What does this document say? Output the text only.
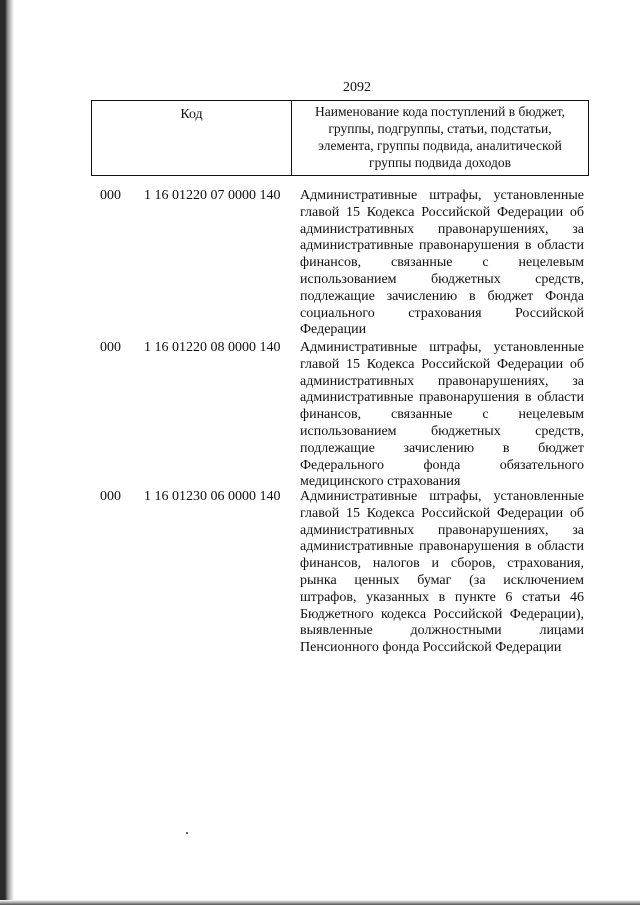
2092
Код	Наименование кода поступлений в бюджет, группы, подгруппы, статьи, подстатьи, элемента, группы подвида, аналитической группы подвида доходов
000	1 16 01220 07 0000 140	Административные штрафы, установленные главой 15 Кодекса Российской Федерации об административных правонарушениях, за административные правонарушения в области финансов, связанные с нецелевым использованием бюджетных средств, подлежащие зачислению в бюджет Фонда социального страхования Российской Федерации
000	1 16 01220 08 0000 140	Административные штрафы, установленные главой 15 Кодекса Российской Федерации об административных правонарушениях, за административные правонарушения в области финансов, связанные с нецелевым использованием бюджетных средств, подлежащие зачислению в бюджет Федерального фонда обязательного медицинского страхования
000	1 16 01230 06 0000 140	Административные штрафы, установленные главой 15 Кодекса Российской Федерации об административных правонарушениях, за административные правонарушения в области финансов, налогов и сборов, страхования, рынка ценных бумаг (за исключением штрафов, указанных в пункте 6 статьи 46 Бюджетного кодекса Российской Федерации), выявленные должностными лицами Пенсионного фонда Российской Федерации
